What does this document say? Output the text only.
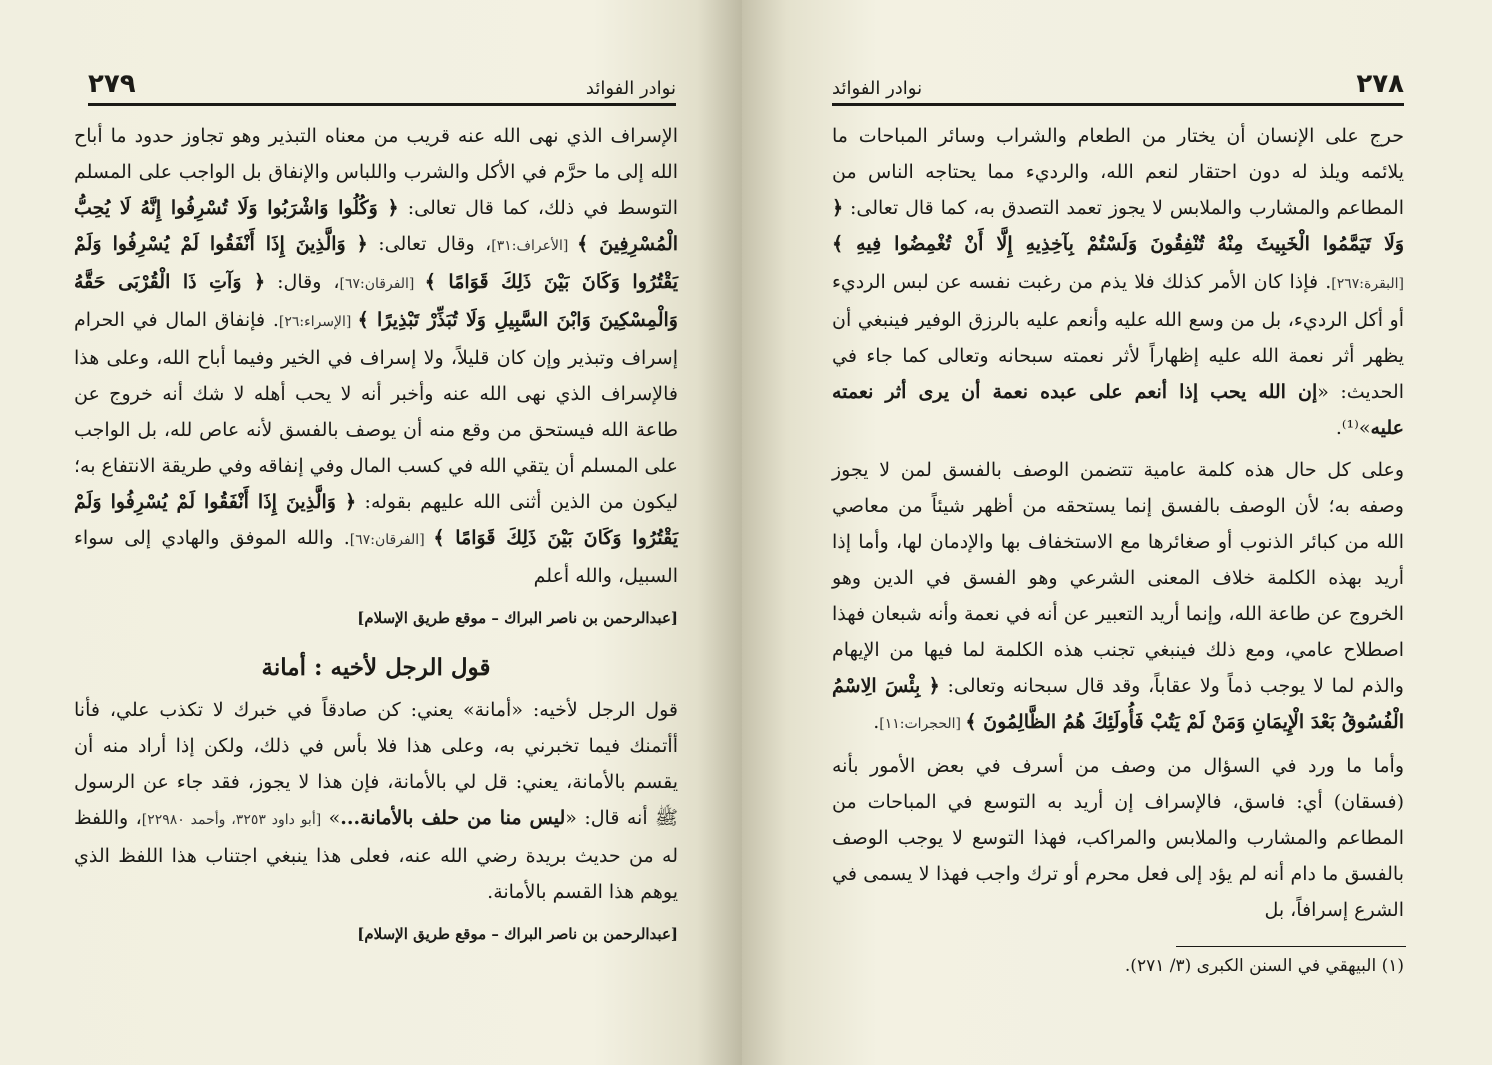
نوادر الفوائد
٢٧٩

الإسراف الذي نهى الله عنه قريب من معناه التبذير وهو تجاوز حدود ما أباح الله إلى ما حرَّم في الأكل والشرب واللباس والإنفاق بل الواجب على المسلم التوسط في ذلك، كما قال تعالى: ﴿ وَكُلُوا وَاشْرَبُوا وَلَا تُسْرِفُوا إِنَّهُ لَا يُحِبُّ الْمُسْرِفِينَ ﴾ [الأعراف:٣١]، وقال تعالى: ﴿ وَالَّذِينَ إِذَا أَنْفَقُوا لَمْ يُسْرِفُوا وَلَمْ يَقْتُرُوا وَكَانَ بَيْنَ ذَلِكَ قَوَامًا ﴾ [الفرقان:٦٧]، وقال: ﴿ وَآتِ ذَا الْقُرْبَى حَقَّهُ وَالْمِسْكِينَ وَابْنَ السَّبِيلِ وَلَا تُبَذِّرْ تَبْذِيرًا ﴾ [الإسراء:٢٦]. فإنفاق المال في الحرام إسراف وتبذير وإن كان قليلاً، ولا إسراف في الخير وفيما أباح الله، وعلى هذا فالإسراف الذي نهى الله عنه وأخبر أنه لا يحب أهله لا شك أنه خروج عن طاعة الله فيستحق من وقع منه أن يوصف بالفسق لأنه عاص لله، بل الواجب على المسلم أن يتقي الله في كسب المال وفي إنفاقه وفي طريقة الانتفاع به؛ ليكون من الذين أثنى الله عليهم بقوله: ﴿ وَالَّذِينَ إِذَا أَنْفَقُوا لَمْ يُسْرِفُوا وَلَمْ يَقْتُرُوا وَكَانَ بَيْنَ ذَلِكَ قَوَامًا ﴾ [الفرقان:٦٧]. والله الموفق والهادي إلى سواء السبيل، والله أعلم

[عبدالرحمن بن ناصر البراك – موقع طريق الإسلام]
قول الرجل لأخيه : أمانة

قول الرجل لأخيه: «أمانة» يعني: كن صادقاً في خبرك لا تكذب علي، فأنا أأتمنك فيما تخبرني به، وعلى هذا فلا بأس في ذلك، ولكن إذا أراد منه أن يقسم بالأمانة، يعني: قل لي بالأمانة، فإن هذا لا يجوز، فقد جاء عن الرسول ﷺ أنه قال: «ليس منا من حلف بالأمانة...» [أبو داود ٣٢٥٣، وأحمد ٢٢٩٨٠]، واللفظ له من حديث بريدة رضي الله عنه، فعلى هذا ينبغي اجتناب هذا اللفظ الذي يوهم هذا القسم بالأمانة.

[عبدالرحمن بن ناصر البراك – موقع طريق الإسلام]
٢٧٨
نوادر الفوائد

حرج على الإنسان أن يختار من الطعام والشراب وسائر المباحات ما يلائمه ويلذ له دون احتقار لنعم الله، والرديء مما يحتاجه الناس من المطاعم والمشارب والملابس لا يجوز تعمد التصدق به، كما قال تعالى: ﴿ وَلَا تَيَمَّمُوا الْخَبِيثَ مِنْهُ تُنْفِقُونَ وَلَسْتُمْ بِآخِذِيهِ إِلَّا أَنْ تُغْمِضُوا فِيهِ ﴾ [البقرة:٢٦٧]. فإذا كان الأمر كذلك فلا يذم من رغبت نفسه عن لبس الرديء أو أكل الرديء، بل من وسع الله عليه وأنعم عليه بالرزق الوفير فينبغي أن يظهر أثر نعمة الله عليه إظهاراً لأثر نعمته سبحانه وتعالى كما جاء في الحديث: «إن الله يحب إذا أنعم على عبده نعمة أن يرى أثر نعمته عليه»⁽¹⁾.

وعلى كل حال هذه كلمة عامية تتضمن الوصف بالفسق لمن لا يجوز وصفه به؛ لأن الوصف بالفسق إنما يستحقه من أظهر شيئاً من معاصي الله من كبائر الذنوب أو صغائرها مع الاستخفاف بها والإدمان لها، وأما إذا أريد بهذه الكلمة خلاف المعنى الشرعي وهو الفسق في الدين وهو الخروج عن طاعة الله، وإنما أريد التعبير عن أنه في نعمة وأنه شبعان فهذا اصطلاح عامي، ومع ذلك فينبغي تجنب هذه الكلمة لما فيها من الإيهام والذم لما لا يوجب ذماً ولا عقاباً، وقد قال سبحانه وتعالى: ﴿ بِئْسَ الِاسْمُ الْفُسُوقُ بَعْدَ الْإِيمَانِ وَمَنْ لَمْ يَتُبْ فَأُولَئِكَ هُمُ الظَّالِمُونَ ﴾ [الحجرات:١١].

وأما ما ورد في السؤال من وصف من أسرف في بعض الأمور بأنه (فسقان) أي: فاسق، فالإسراف إن أريد به التوسع في المباحات من المطاعم والمشارب والملابس والمراكب، فهذا التوسع لا يوجب الوصف بالفسق ما دام أنه لم يؤد إلى فعل محرم أو ترك واجب فهذا لا يسمى في الشرع إسرافاً، بل

(١) البيهقي في السنن الكبرى (٣/ ٢٧١).
